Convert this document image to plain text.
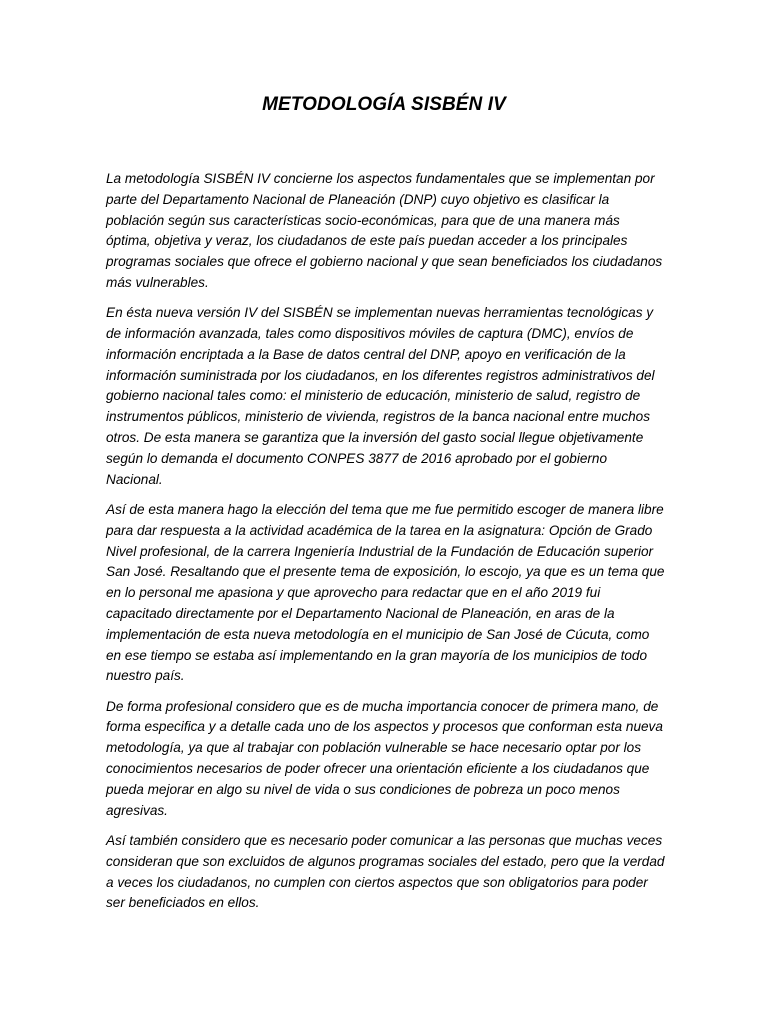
METODOLOGÍA SISBÉN IV

La metodología SISBÉN IV concierne los aspectos fundamentales que se implementan por parte del Departamento Nacional de Planeación (DNP) cuyo objetivo es clasificar la población según sus características socio-económicas, para que de una manera más óptima, objetiva y veraz, los ciudadanos de este país puedan acceder a los principales programas sociales que ofrece el gobierno nacional y que sean beneficiados los ciudadanos más vulnerables.

En ésta nueva versión IV del SISBÉN se implementan nuevas herramientas tecnológicas y de información avanzada, tales como dispositivos móviles de captura (DMC), envíos de información encriptada a la Base de datos central del DNP, apoyo en verificación de la información suministrada por los ciudadanos, en los diferentes registros administrativos del gobierno nacional tales como: el ministerio de educación, ministerio de salud, registro de instrumentos públicos, ministerio de vivienda, registros de la banca nacional entre muchos otros. De esta manera se garantiza que la inversión del gasto social llegue objetivamente según lo demanda el documento CONPES 3877 de 2016 aprobado por el gobierno Nacional.

Así de esta manera hago la elección del tema que me fue permitido escoger de manera libre para dar respuesta a la actividad académica de la tarea en la asignatura: Opción de Grado Nivel profesional, de la carrera Ingeniería Industrial de la Fundación de Educación superior San José. Resaltando que el presente tema de exposición, lo escojo, ya que es un tema que en lo personal me apasiona y que aprovecho para redactar que en el año 2019 fui capacitado directamente por el Departamento Nacional de Planeación, en aras de la implementación de esta nueva metodología en el municipio de San José de Cúcuta, como en ese tiempo se estaba así implementando en la gran mayoría de los municipios de todo nuestro país.

De forma profesional considero que es de mucha importancia conocer de primera mano, de forma especifica y a detalle cada uno de los aspectos y procesos que conforman esta nueva metodología, ya que al trabajar con población vulnerable se hace necesario optar por los conocimientos necesarios de poder ofrecer una orientación eficiente a los ciudadanos que pueda mejorar en algo su nivel de vida o sus condiciones de pobreza un poco menos agresivas.

Así también considero que es necesario poder comunicar a las personas que muchas veces consideran que son excluidos de algunos programas sociales del estado, pero que la verdad a veces los ciudadanos, no cumplen con ciertos aspectos que son obligatorios para poder ser beneficiados en ellos.
